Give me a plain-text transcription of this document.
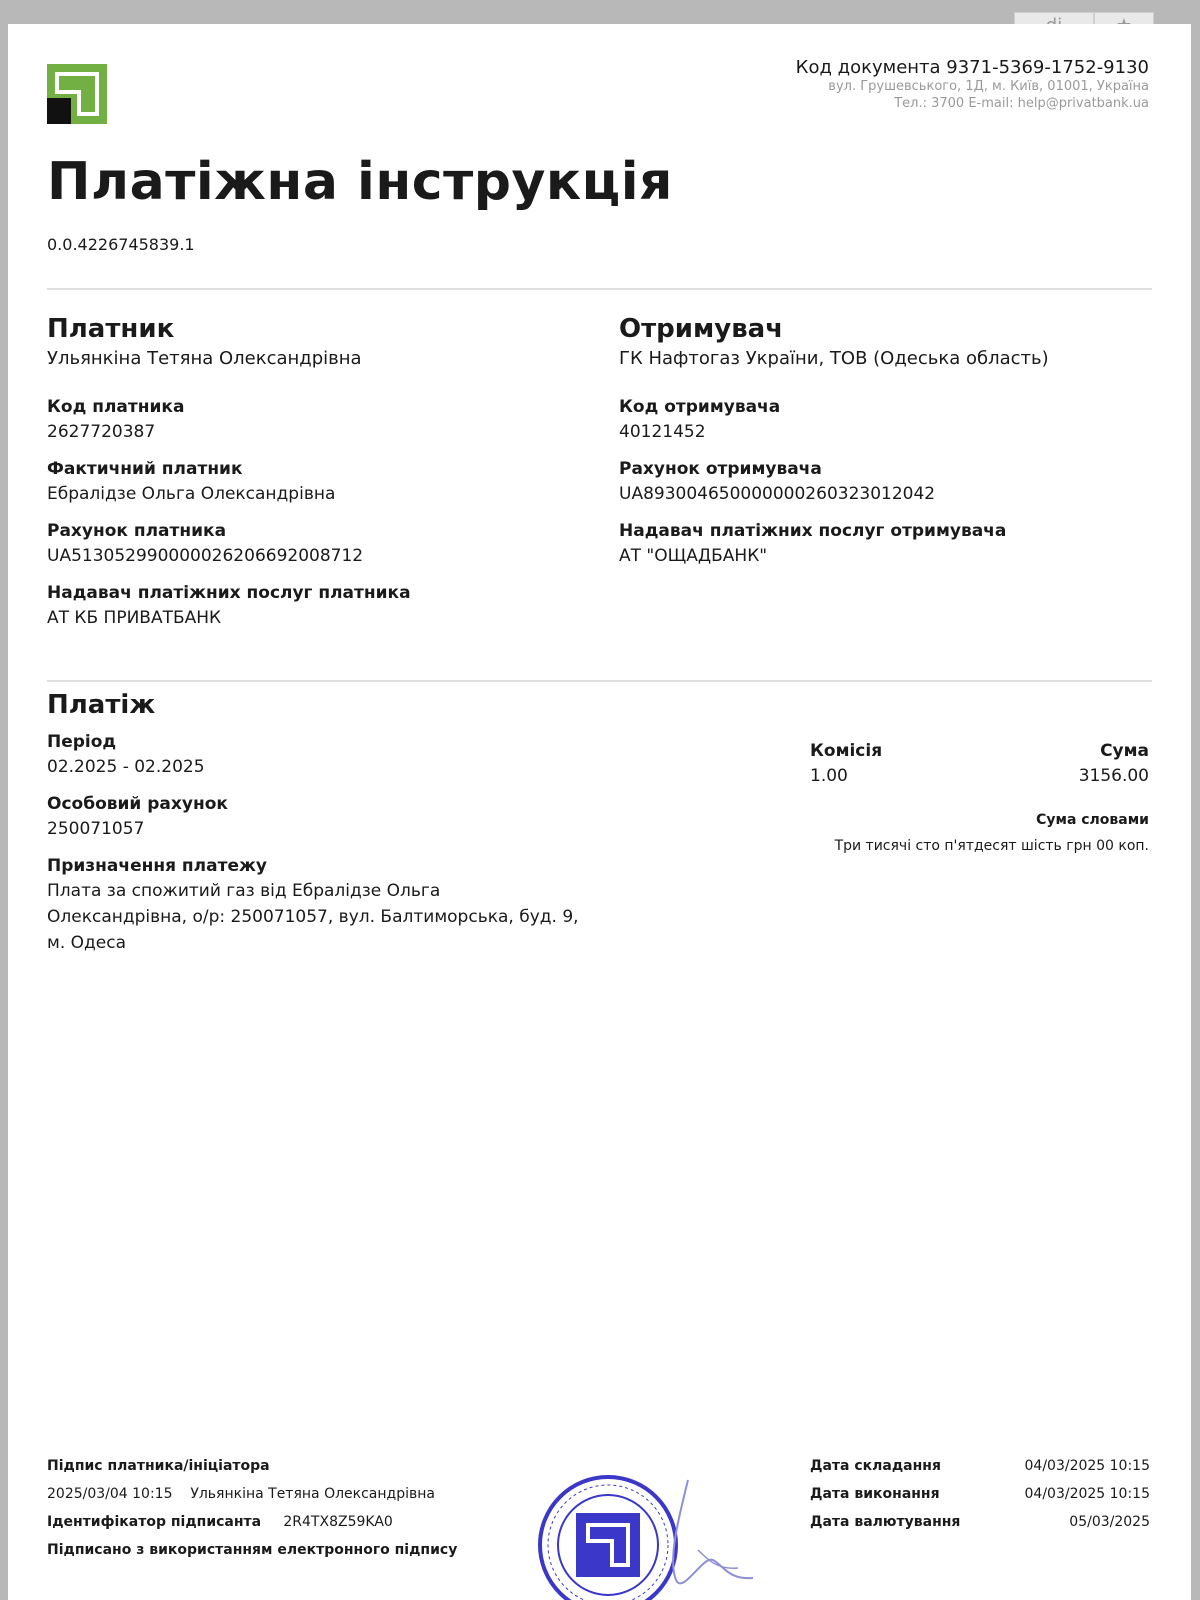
Код документа 9371-5369-1752-9130
вул. Грушевського, 1Д, м. Київ, 01001, Україна
Тел.: 3700 E-mail: help@privatbank.ua
Платіжна інструкція
0.0.4226745839.1
Платник
Ульянкіна Тетяна Олександрівна
Код платника
2627720387
Фактичний платник
Ебралідзе Ольга Олександрівна
Рахунок платника
UA513052990000026206692008712
Надавач платіжних послуг платника
АТ КБ ПРИВАТБАНК
Отримувач
ГК Нафтогаз України, ТОВ (Одеська область)
Код отримувача
40121452
Рахунок отримувача
UA893004650000000260323012042
Надавач платіжних послуг отримувача
АТ "ОЩАДБАНК"
Платіж
Період
02.2025 - 02.2025
Особовий рахунок
250071057
Призначення платежу
Плата за спожитий газ від Ебралідзе Ольга
Олександрівна, о/р: 250071057, вул. Балтиморська, буд. 9,
м. Одеса
Комісія
1.00
Сума
3156.00
Сума словами
Три тисячі сто п'ятдесят шість грн 00 коп.
Підпис платника/ініціатора
2025/03/04 10:15 Ульянкіна Тетяна Олександрівна
Ідентифікатор підписанта 2R4TX8Z59KA0
Підписано з використанням електронного підпису
Дата складання	04/03/2025 10:15
Дата виконання	04/03/2025 10:15
Дата валютування	05/03/2025
